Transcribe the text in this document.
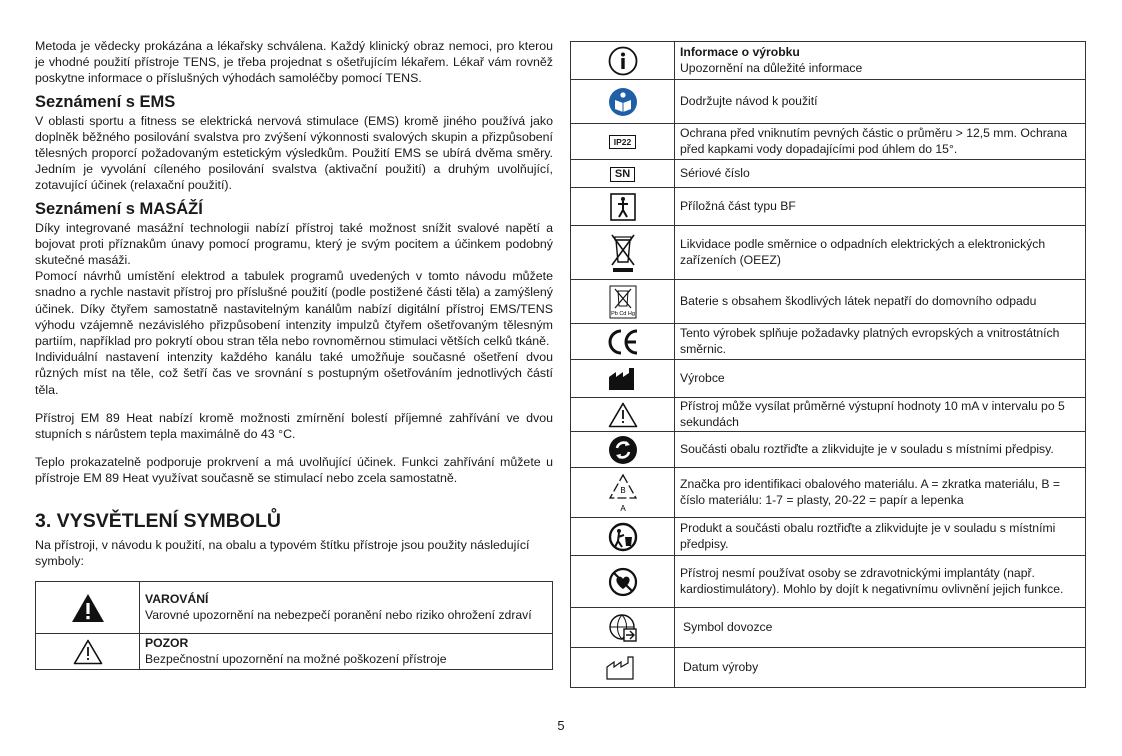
Metoda je vědecky prokázána a lékařsky schválena. Každý klinický obraz nemoci, pro kterou je vhodné použití přístroje TENS, je třeba projednat s ošetřujícím lékařem. Lékař vám rovněž poskytne informace o příslušných výhodách samoléčby pomocí TENS.

Seznámení s EMS

V oblasti sportu a fitness se elektrická nervová stimulace (EMS) kromě jiného používá jako doplněk běžného posilování svalstva pro zvýšení výkonnosti svalových skupin a přizpůsobení tělesných proporcí požadovaným estetickým výsledkům. Použití EMS se ubírá dvěma směry. Jedním je vyvolání cíleného posilování svalstva (aktivační použití) a druhým uvolňující, zotavující účinek (relaxační použití).

Seznámení s MASÁŽÍ

Díky integrované masážní technologii nabízí přístroj také možnost snížit svalové napětí a bojovat proti příznakům únavy pomocí programu, který je svým pocitem a účinkem podobný skutečné masáži.

Pomocí návrhů umístění elektrod a tabulek programů uvedených v tomto návodu můžete snadno a rychle nastavit přístroj pro příslušné použití (podle postižené části těla) a zamýšlený účinek. Díky čtyřem samostatně nastavitelným kanálům nabízí digitální přístroj EMS/TENS výhodu vzájemně nezávislého přizpůsobení intenzity impulzů čtyřem ošetřovaným tělesným partiím, například pro pokrytí obou stran těla nebo rovnoměrnou stimulaci větších celků tkáně.

Individuální nastavení intenzity každého kanálu také umožňuje současné ošetření dvou různých míst na těle, což šetří čas ve srovnání s postupným ošetřováním jednotlivých částí těla.

Přístroj EM 89 Heat nabízí kromě možnosti zmírnění bolestí příjemné zahřívání ve dvou stupních s nárůstem tepla maximálně do 43 °C.

Teplo prokazatelně podporuje prokrvení a má uvolňující účinek. Funkci zahřívání můžete u přístroje EM 89 Heat využívat současně se stimulací nebo zcela samostatně.

3. VYSVĚTLENÍ SYMBOLŮ

Na přístroji, v návodu k použití, na obalu a typovém štítku přístroje jsou použity následující symboly:

VAROVÁNÍ
Varovné upozornění na nebezpečí poranění nebo riziko ohrožení zdraví

POZOR
Bezpečnostní upozornění na možné poškození přístroje

Informace o výrobku
Upozornění na důležité informace

	Dodržujte návod k použití
IP22	Ochrana před vniknutím pevných částic o průměru > 12,5 mm. Ochrana před kapkami vody dopadajícími pod úhlem do 15°.
SN	Sériové číslo

	Příložná část typu BF

	Likvidace podle směrnice o odpadních elektrických a elektronických zařízeních (OEEZ)

Pb Cd Hg	Baterie s obsahem škodlivých látek nepatří do domovního odpadu

	Tento výrobek splňuje požadavky platných evropských a vnitrostátních směrnic.

	Výrobce

	Přístroj může vysílat průměrné výstupní hodnoty 10 mA v intervalu po 5 sekundách

	Součásti obalu roztřiďte a zlikvidujte je v souladu s místními předpisy.

B
A	Značka pro identifikaci obalového materiálu. A = zkratka materiálu, B = číslo materiálu: 1-7 = plasty, 20-22 = papír a lepenka

	Produkt a součásti obalu roztřiďte a zlikvidujte je v souladu s místními předpisy.

	Přístroj nesmí používat osoby se zdravotnickými implantáty (např. kardiostimulátory). Mohlo by dojít k negativnímu ovlivnění jejich funkce.

	Symbol dovozce

	Datum výroby
5
